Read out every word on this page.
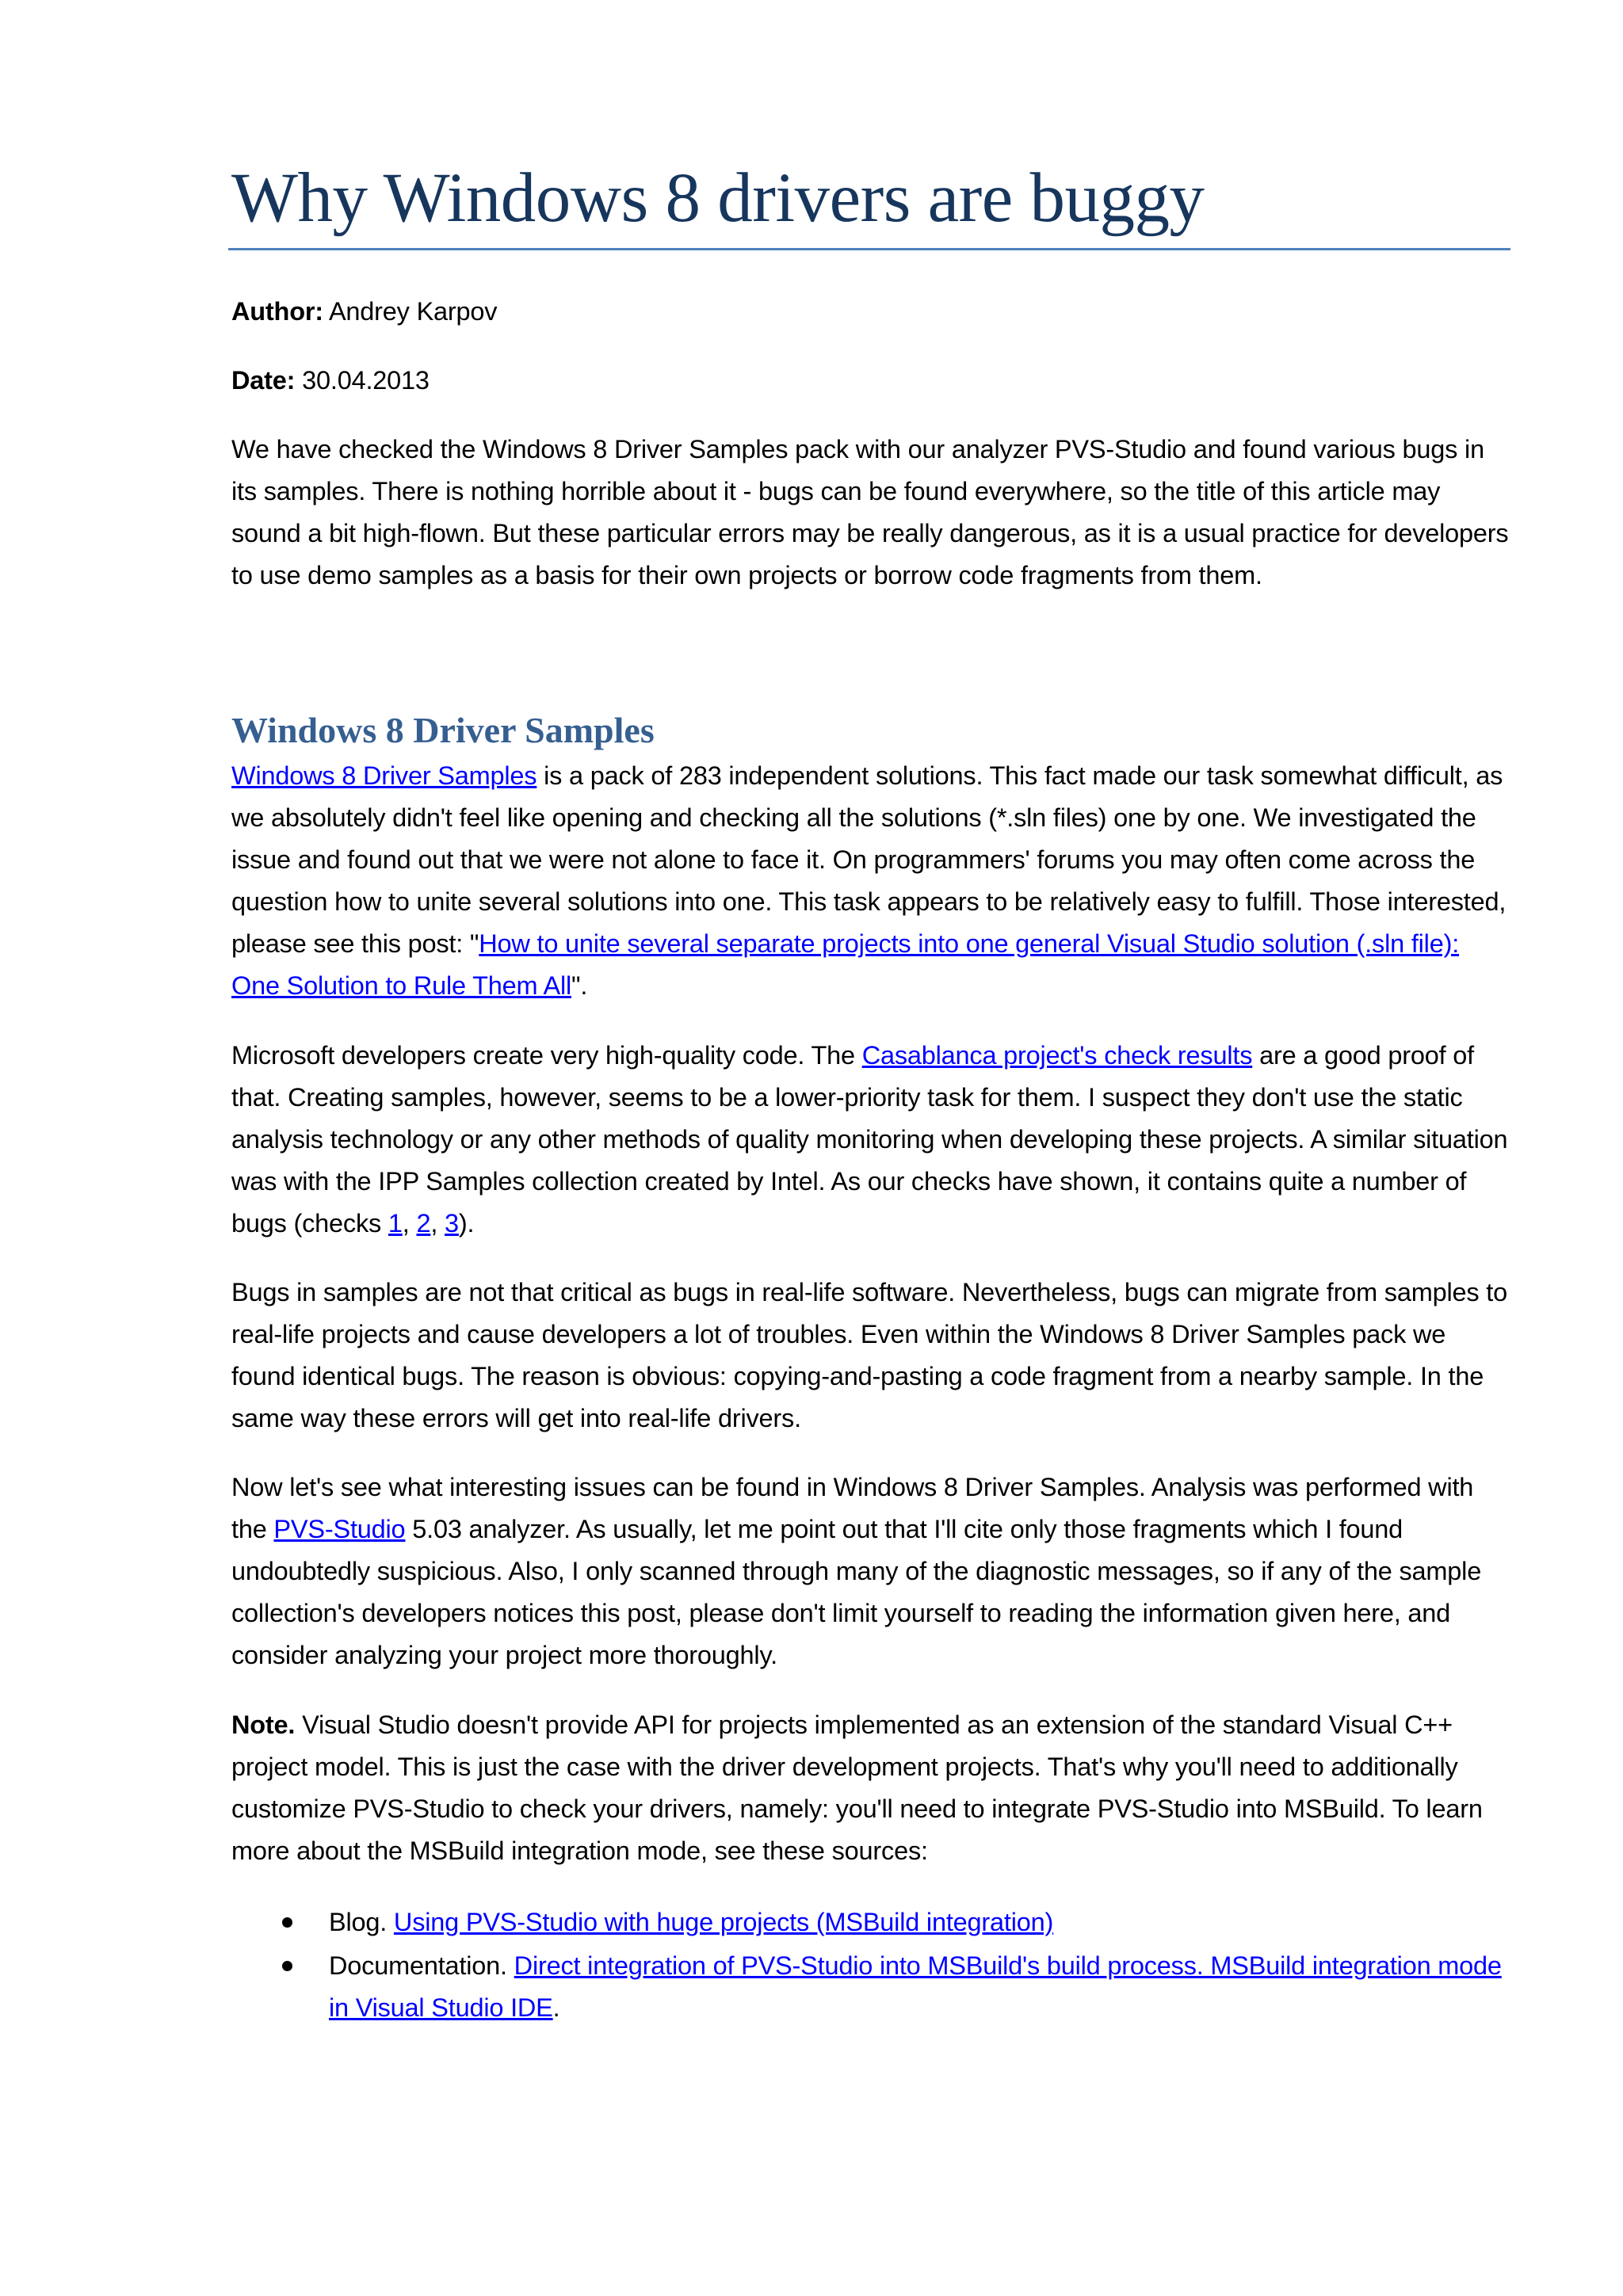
Why Windows 8 drivers are buggy
Author: Andrey Karpov
Date: 30.04.2013
We have checked the Windows 8 Driver Samples pack with our analyzer PVS-Studio and found various bugs in its samples. There is nothing horrible about it - bugs can be found everywhere, so the title of this article may sound a bit high-flown. But these particular errors may be really dangerous, as it is a usual practice for developers to use demo samples as a basis for their own projects or borrow code fragments from them.
Windows 8 Driver Samples
Windows 8 Driver Samples is a pack of 283 independent solutions. This fact made our task somewhat difficult, as we absolutely didn't feel like opening and checking all the solutions (*.sln files) one by one. We investigated the issue and found out that we were not alone to face it. On programmers' forums you may often come across the question how to unite several solutions into one. This task appears to be relatively easy to fulfill. Those interested, please see this post: "How to unite several separate projects into one general Visual Studio solution (.sln file): One Solution to Rule Them All".
Microsoft developers create very high-quality code. The Casablanca project's check results are a good proof of that. Creating samples, however, seems to be a lower-priority task for them. I suspect they don't use the static analysis technology or any other methods of quality monitoring when developing these projects. A similar situation was with the IPP Samples collection created by Intel. As our checks have shown, it contains quite a number of bugs (checks 1, 2, 3).
Bugs in samples are not that critical as bugs in real-life software. Nevertheless, bugs can migrate from samples to real-life projects and cause developers a lot of troubles. Even within the Windows 8 Driver Samples pack we found identical bugs. The reason is obvious: copying-and-pasting a code fragment from a nearby sample. In the same way these errors will get into real-life drivers.
Now let's see what interesting issues can be found in Windows 8 Driver Samples. Analysis was performed with the PVS-Studio 5.03 analyzer. As usually, let me point out that I'll cite only those fragments which I found undoubtedly suspicious. Also, I only scanned through many of the diagnostic messages, so if any of the sample collection's developers notices this post, please don't limit yourself to reading the information given here, and consider analyzing your project more thoroughly.
Note. Visual Studio doesn't provide API for projects implemented as an extension of the standard Visual C++ project model. This is just the case with the driver development projects. That's why you'll need to additionally customize PVS-Studio to check your drivers, namely: you'll need to integrate PVS-Studio into MSBuild. To learn more about the MSBuild integration mode, see these sources:
Blog. Using PVS-Studio with huge projects (MSBuild integration)
Documentation. Direct integration of PVS-Studio into MSBuild's build process. MSBuild integration mode in Visual Studio IDE.
